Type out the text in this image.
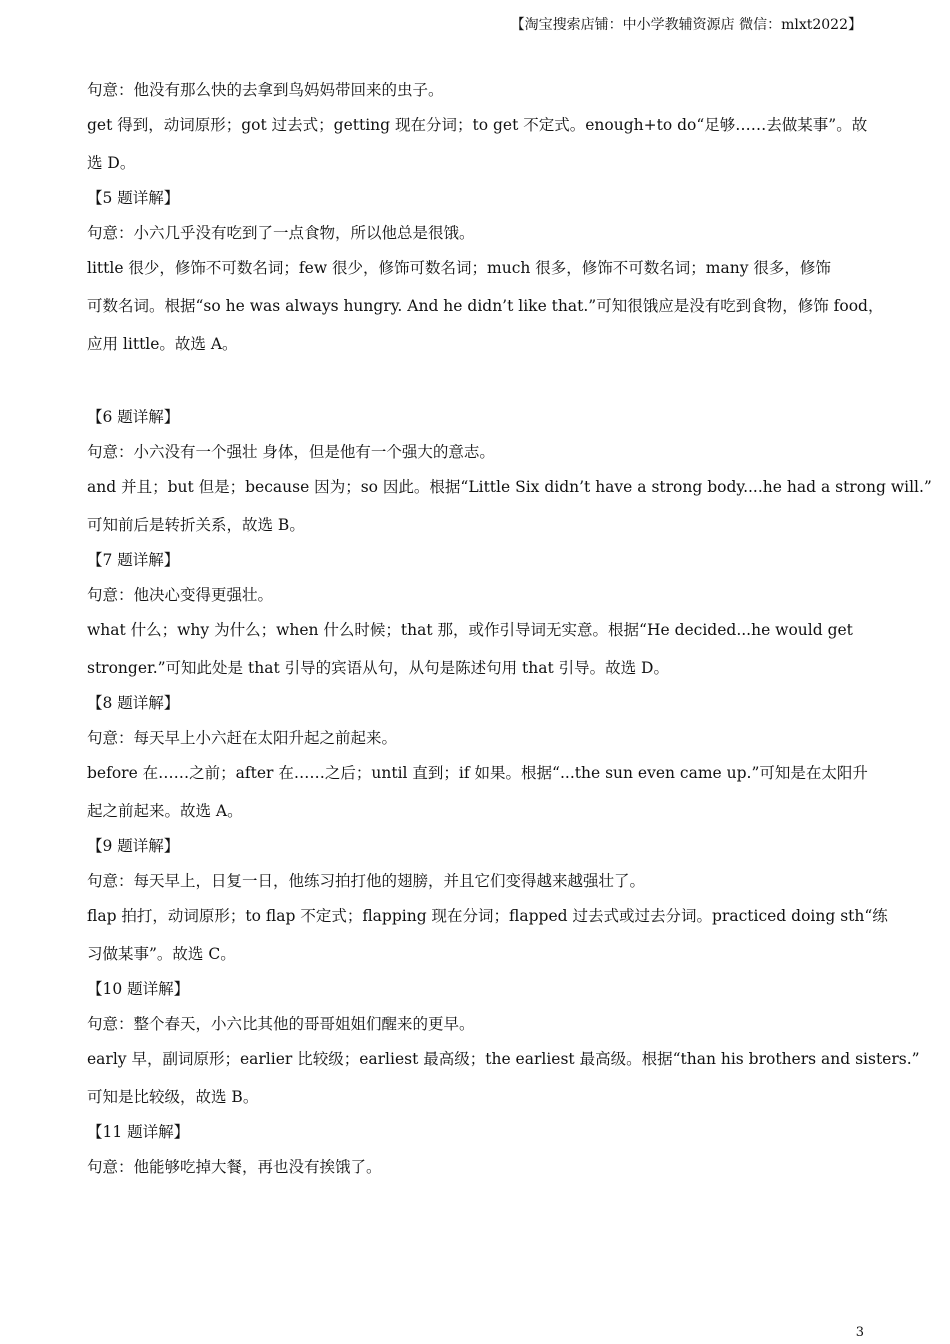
【淘宝搜索店铺：中小学教辅资源店 微信：mlxt2022】

句意：他没有那么快的去拿到鸟妈妈带回来的虫子。

get 得到，动词原形；got 过去式；getting 现在分词；to get 不定式。enough+to do“足够……去做某事”。故

选 D。

【5 题详解】

句意：小六几乎没有吃到了一点食物，所以他总是很饿。

little 很少，修饰不可数名词；few 很少，修饰可数名词；much 很多，修饰不可数名词；many 很多，修饰

可数名词。根据“so he was always hungry. And he didn’t like that.”可知很饿应是没有吃到食物，修饰 food，

应用 little。故选 A。

【6 题详解】

句意：小六没有一个强壮 身体，但是他有一个强大的意志。

and 并且；but 但是；because 因为；so 因此。根据“Little Six didn’t have a strong body....he had a strong will.”

可知前后是转折关系，故选 B。

【7 题详解】

句意：他决心变得更强壮。

what 什么；why 为什么；when 什么时候；that 那，或作引导词无实意。根据“He decided...he would get

stronger.”可知此处是 that 引导的宾语从句，从句是陈述句用 that 引导。故选 D。

【8 题详解】

句意：每天早上小六赶在太阳升起之前起来。

before 在……之前；after 在……之后；until 直到；if 如果。根据“...the sun even came up.”可知是在太阳升

起之前起来。故选 A。

【9 题详解】

句意：每天早上，日复一日，他练习拍打他的翅膀，并且它们变得越来越强壮了。

flap 拍打，动词原形；to flap 不定式；flapping 现在分词；flapped 过去式或过去分词。practiced doing sth“练

习做某事”。故选 C。

【10 题详解】

句意：整个春天，小六比其他的哥哥姐姐们醒来的更早。

early 早，副词原形；earlier 比较级；earliest 最高级；the earliest 最高级。根据“than his brothers and sisters.”

可知是比较级，故选 B。

【11 题详解】

句意：他能够吃掉大餐，再也没有挨饿了。

3
